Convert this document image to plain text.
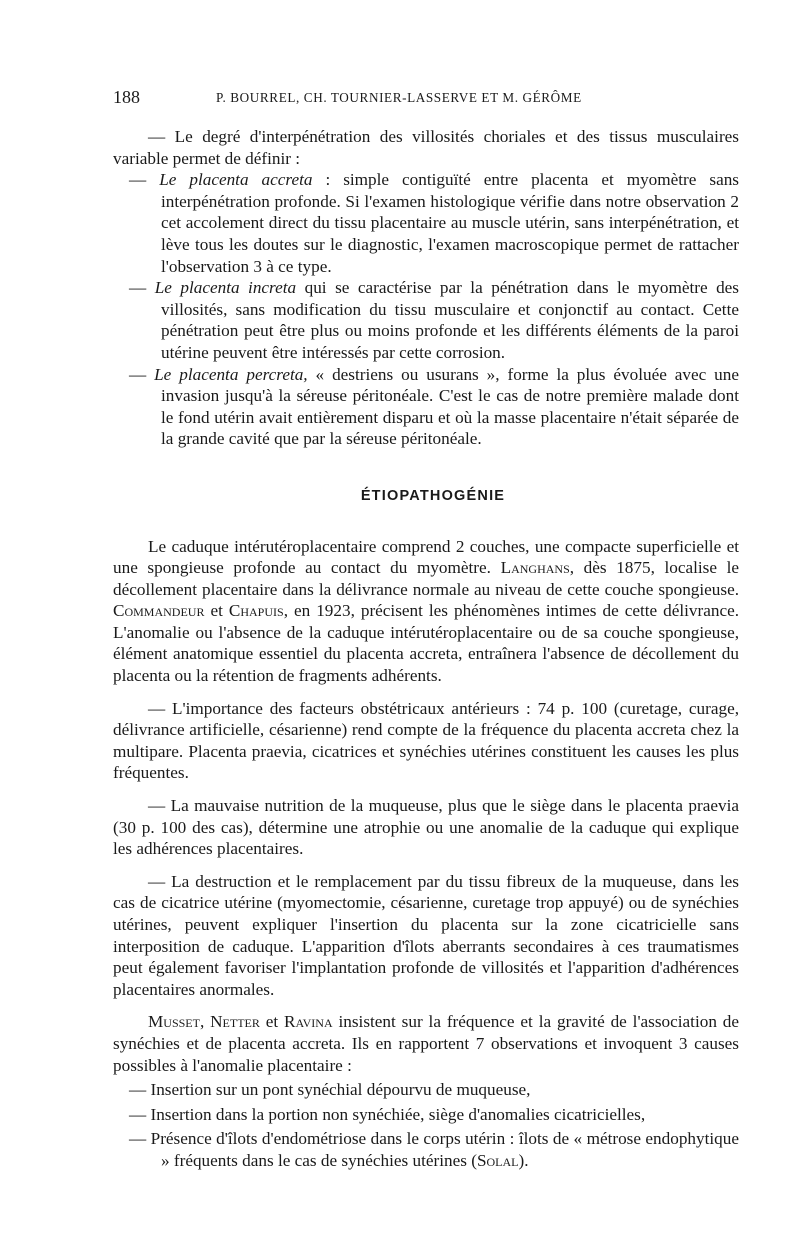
188	P. BOURREL, CH. TOURNIER-LASSERVE ET M. GÉRÔME

— Le degré d'interpénétration des villosités choriales et des tissus musculaires variable permet de définir :

— Le placenta accreta : simple contiguïté entre placenta et myomètre sans interpénétration profonde. Si l'examen histologique vérifie dans notre observation 2 cet accolement direct du tissu placentaire au muscle utérin, sans interpénétration, et lève tous les doutes sur le diagnostic, l'examen macroscopique permet de rattacher l'observation 3 à ce type.

— Le placenta increta qui se caractérise par la pénétration dans le myomètre des villosités, sans modification du tissu musculaire et conjonctif au contact. Cette pénétration peut être plus ou moins profonde et les différents éléments de la paroi utérine peuvent être intéressés par cette corrosion.

— Le placenta percreta, « destriens ou usurans », forme la plus évoluée avec une invasion jusqu'à la séreuse péritonéale. C'est le cas de notre première malade dont le fond utérin avait entièrement disparu et où la masse placentaire n'était séparée de la grande cavité que par la séreuse péritonéale.

ÉTIOPATHOGÉNIE

Le caduque intérutéroplacentaire comprend 2 couches, une compacte superficielle et une spongieuse profonde au contact du myomètre. Langhans, dès 1875, localise le décollement placentaire dans la délivrance normale au niveau de cette couche spongieuse. Commandeur et Chapuis, en 1923, précisent les phénomènes intimes de cette délivrance. L'anomalie ou l'absence de la caduque intérutéroplacentaire ou de sa couche spongieuse, élément anatomique essentiel du placenta accreta, entraînera l'absence de décollement du placenta ou la rétention de fragments adhérents.

— L'importance des facteurs obstétricaux antérieurs : 74 p. 100 (curetage, curage, délivrance artificielle, césarienne) rend compte de la fréquence du placenta accreta chez la multipare. Placenta praevia, cicatrices et synéchies utérines constituent les causes les plus fréquentes.

— La mauvaise nutrition de la muqueuse, plus que le siège dans le placenta praevia (30 p. 100 des cas), détermine une atrophie ou une anomalie de la caduque qui explique les adhérences placentaires.

— La destruction et le remplacement par du tissu fibreux de la muqueuse, dans les cas de cicatrice utérine (myomectomie, césarienne, curetage trop appuyé) ou de synéchies utérines, peuvent expliquer l'insertion du placenta sur la zone cicatricielle sans interposition de caduque. L'apparition d'îlots aberrants secondaires à ces traumatismes peut également favoriser l'implantation profonde de villosités et l'apparition d'adhérences placentaires anormales.

Musset, Netter et Ravina insistent sur la fréquence et la gravité de l'association de synéchies et de placenta accreta. Ils en rapportent 7 observations et invoquent 3 causes possibles à l'anomalie placentaire :

— Insertion sur un pont synéchial dépourvu de muqueuse,

— Insertion dans la portion non synéchiée, siège d'anomalies cicatricielles,

— Présence d'îlots d'endométriose dans le corps utérin : îlots de « métrose endophytique » fréquents dans le cas de synéchies utérines (Solal).
